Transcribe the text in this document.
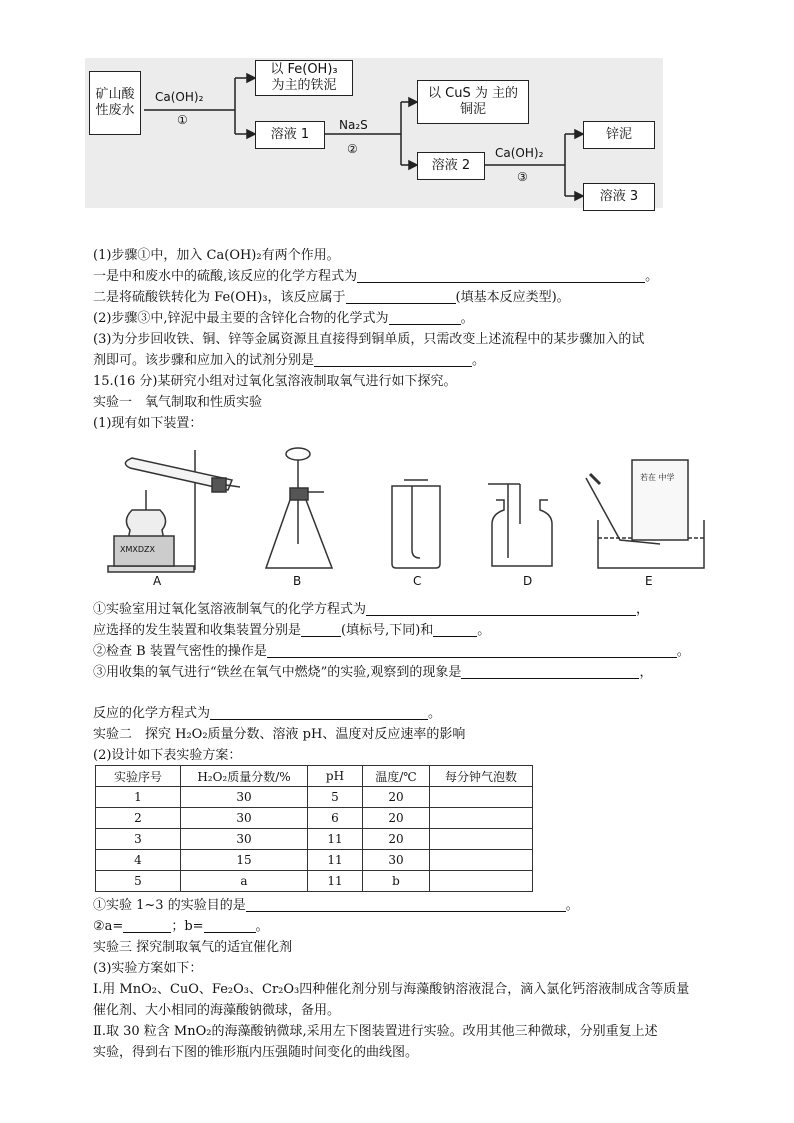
矿山酸性废水
Ca(OH)₂
①
以 Fe(OH)₃ 为主的铁泥
溶液 1
Na₂S
②
以 CuS 为 主的铜泥
溶液 2
Ca(OH)₂
③
锌泥
溶液 3
(1)步骤①中，加入 Ca(OH)₂有两个作用。
一是中和废水中的硫酸,该反应的化学方程式为	。
二是将硫酸铁转化为 Fe(OH)₃，该反应属于	(填基本反应类型)。
(2)步骤③中,锌泥中最主要的含锌化合物的化学式为	。
(3)为分步回收铁、铜、锌等金属资源且直接得到铜单质，只需改变上述流程中的某步骤加入的试
剂即可。该步骤和应加入的试剂分别是	。
15.(16 分)某研究小组对过氧化氢溶液制取氧气进行如下探究。
实验一　氧气制取和性质实验
(1)现有如下装置：
XMXDZX
若在 中学
A	B	C	D	E
①实验室用过氧化氢溶液制氧气的化学方程式为	，
应选择的发生装置和收集装置分别是	(填标号,下同)和	。
②检查 B 装置气密性的操作是	。
③用收集的氧气进行“铁丝在氧气中燃烧”的实验,观察到的现象是	，
反应的化学方程式为	。
实验二　探究 H₂O₂质量分数、溶液 pH、温度对反应速率的影响
(2)设计如下表实验方案：
实验序号	H₂O₂质量分数/%	pH	温度/℃	每分钟气泡数
1	30	5	20	
2	30	6	20	
3	30	11	20	
4	15	11	30	
5	a	11	b	
①实验 1~3 的实验目的是	。
②a=	；b=	。
实验三 探究制取氧气的适宜催化剂
(3)实验方案如下：
Ⅰ.用 MnO₂、CuO、Fe₂O₃、Cr₂O₃四种催化剂分别与海藻酸钠溶液混合，滴入氯化钙溶液制成含等质量
催化剂、大小相同的海藻酸钠微球，备用。
Ⅱ.取 30 粒含 MnO₂的海藻酸钠微球,采用左下图装置进行实验。改用其他三种微球，分别重复上述
实验，得到右下图的锥形瓶内压强随时间变化的曲线图。
